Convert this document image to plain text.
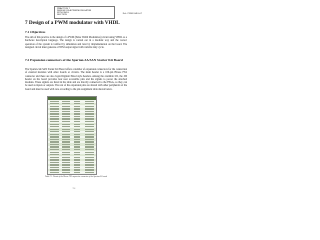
PRACTICE 7
DESIGN OF A PWM MODULATOR
WITH VHDL
SECTION
Ref.: PWM-VHDL-07
7 Design of a PWM modulator with VHDL
7.1 Objectives
The aim of this practice is the design of a PWM (Pulse Width Modulation) circuit using VHDL as a hardware description language. The design is carried out in a modular way and the correct operation of the system is verified by simulation and later by implementation on the board. The designed circuit must generate a PWM output signal with variable duty cycle.
7.2 Expansion connectors of the Spartan-3A/3AN Starter Kit Board
The Spartan-3A/3AN Starter Kit Board offers a number of expansion connectors for the connection of external modules with other boards or circuits. The main header is a 100-pin Hirose FX2 connector and there are also 6-pin Digilent Pmod style headers. Among the available I/O, the J20 header on the board provides four user accessible pins and the signals to power the attached modules. These signals are listed in the table and are directly connected to the FPGA, so they can be used as inputs or outputs. The rest of the expansion pins are shared with other peripherals of the board and must be used with care according to the pin assignment table shown below.
Table 7.1. Pinout of the Hirose FX2 expansion connector of the Spartan-3A board
7-1
